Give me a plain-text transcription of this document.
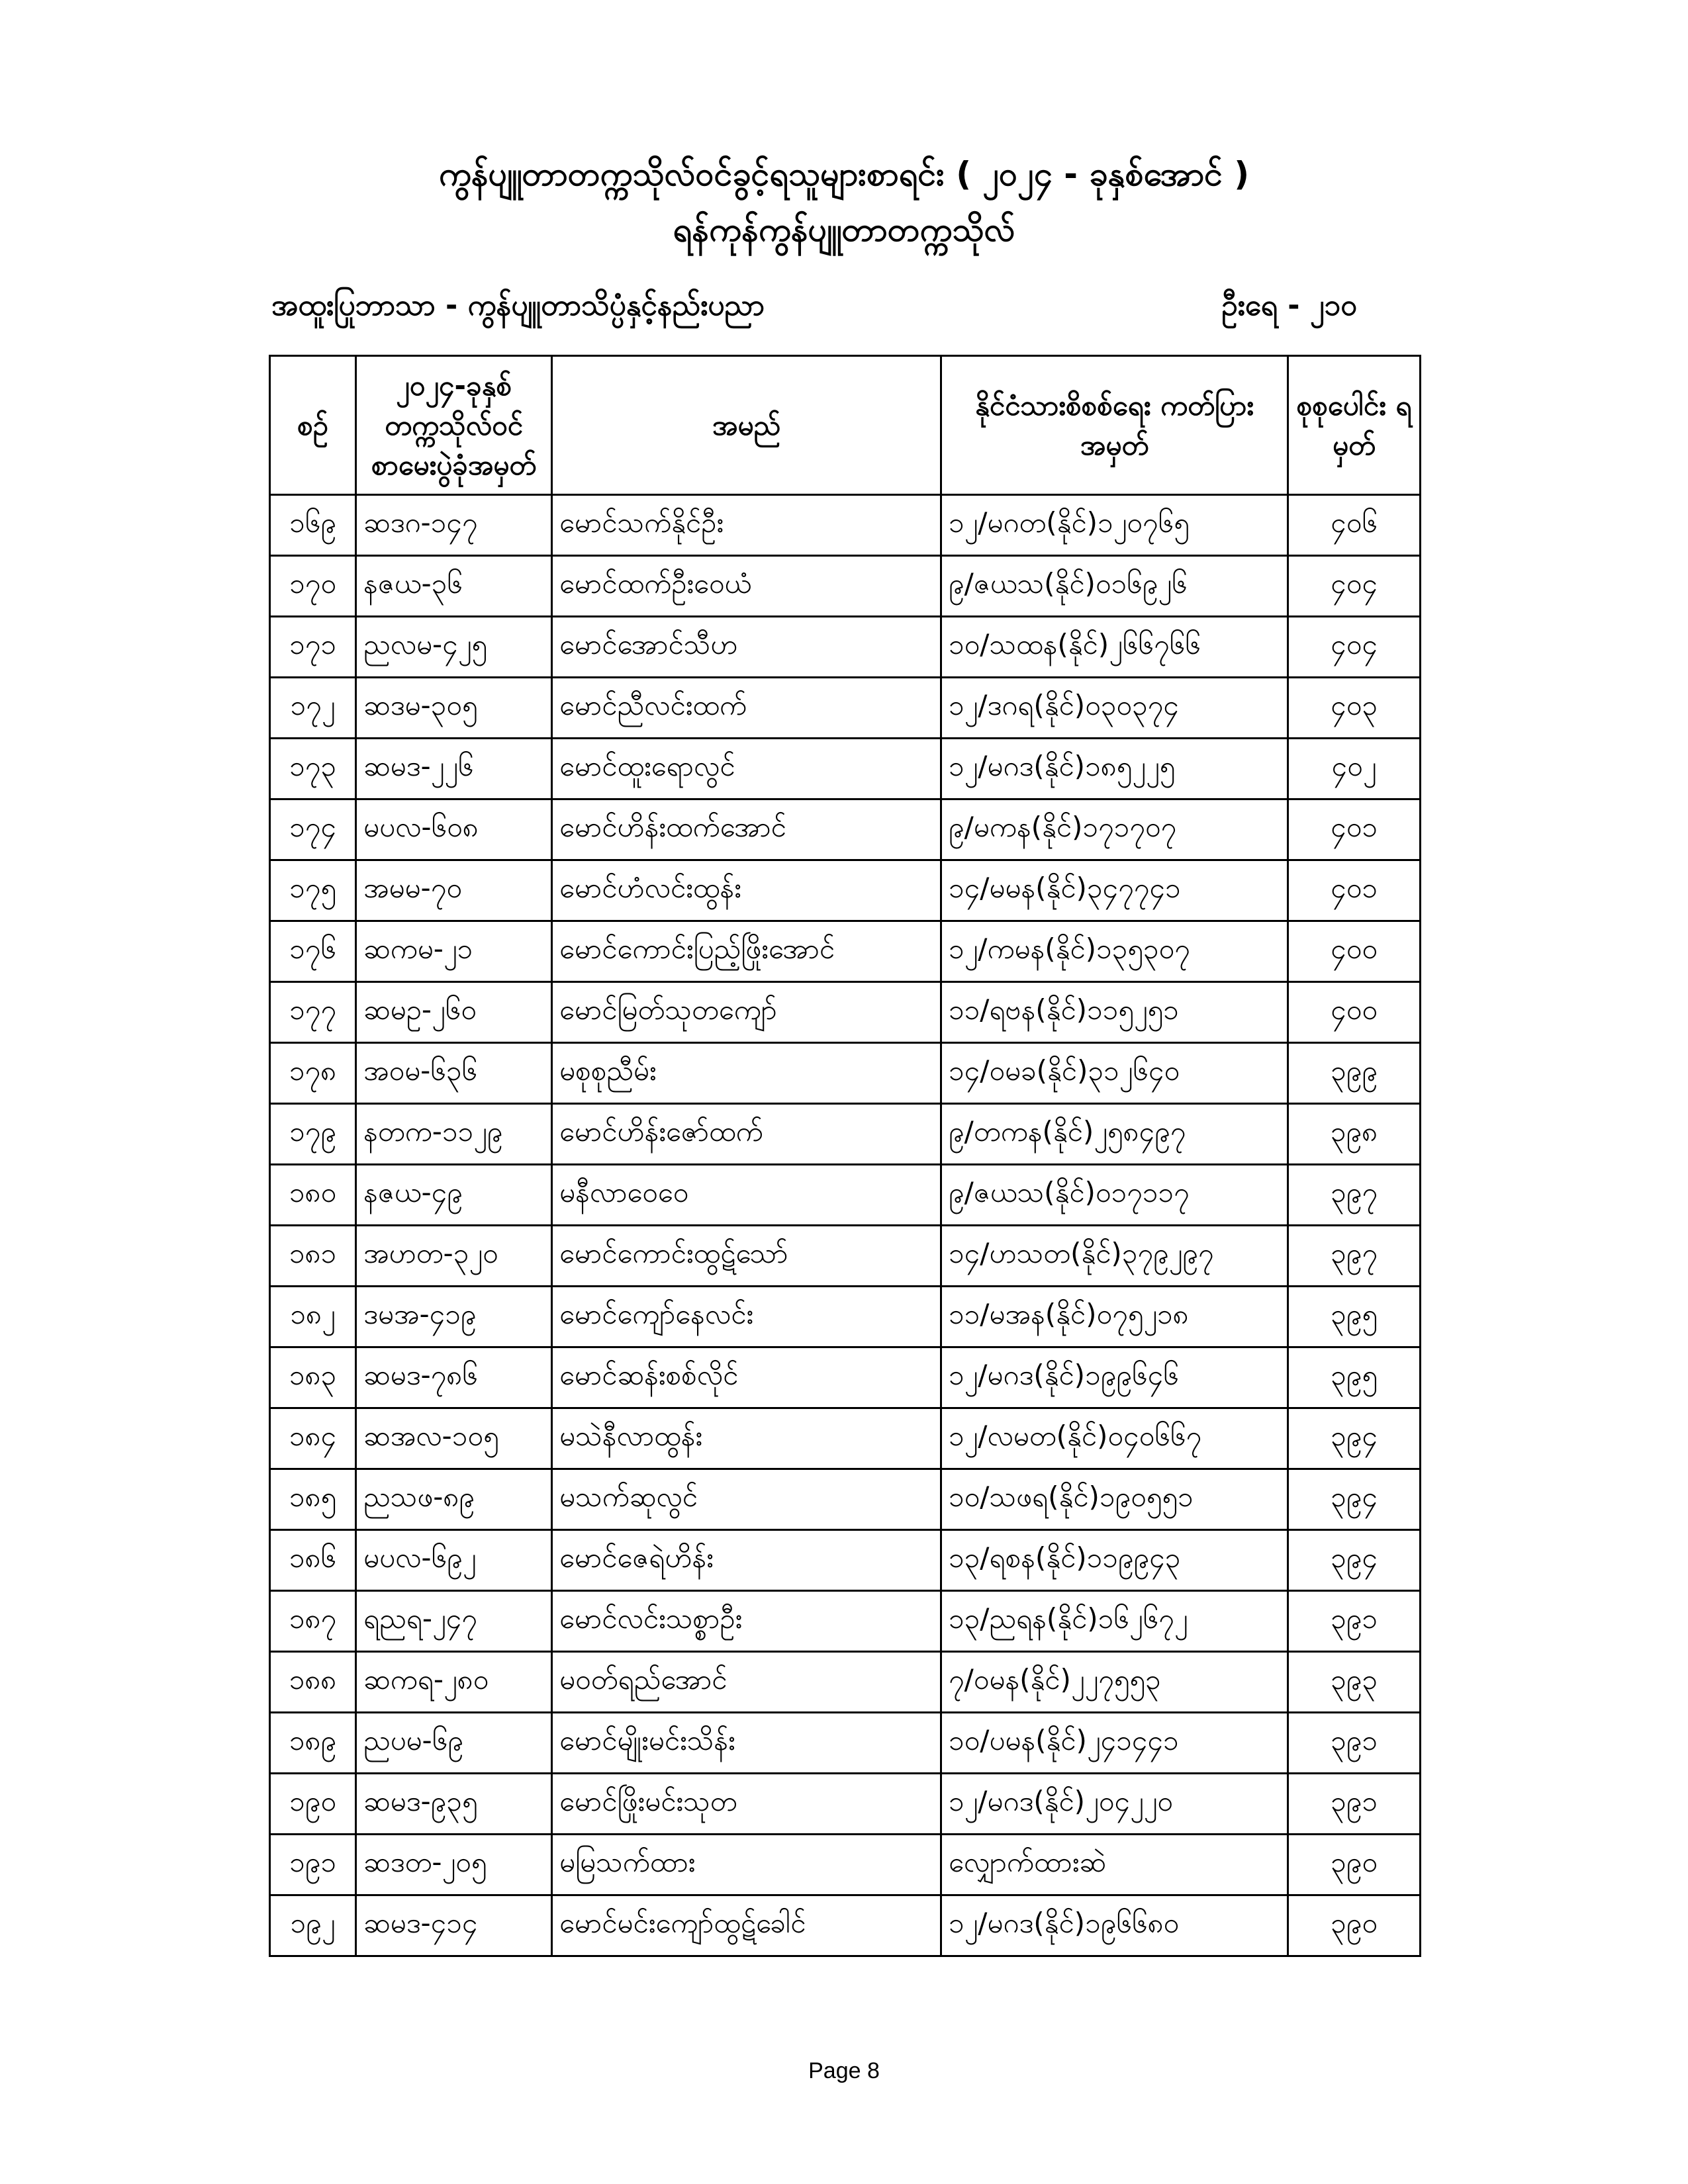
ကွန်ပျူတာတက္ကသိုလ်ဝင်ခွင့်ရသူများစာရင်း ( ၂၀၂၄ - ခုနှစ်အောင် )
ရန်ကုန်ကွန်ပျူတာတက္ကသိုလ်
အထူးပြုဘာသာ - ကွန်ပျူတာသိပ္ပံနှင့်နည်းပညာ	ဦးရေ - ၂၁၀
စဉ်	၂၀၂၄-ခုနှစ် တက္ကသိုလ်ဝင် စာမေးပွဲခုံအမှတ်	အမည်	နိုင်ငံသားစိစစ်ရေး ကတ်ပြားအမှတ်	စုစုပေါင်း ရမှတ်
၁၆၉	ဆဒဂ-၁၄၇	မောင်သက်နိုင်ဦး	၁၂/မဂတ(နိုင်)၁၂၀၇၆၅	၄၀၆
၁၇၀	နဇယ-၃၆	မောင်ထက်ဦးဝေယံ	၉/ဇယသ(နိုင်)၀၁၆၉၂၆	၄၀၄
၁၇၁	ညလမ-၄၂၅	မောင်အောင်သီဟ	၁၀/သထန(နိုင်)၂၆၆၇၆၆	၄၀၄
၁၇၂	ဆဒမ-၃၀၅	မောင်ညီလင်းထက်	၁၂/ဒဂရ(နိုင်)၀၃၀၃၇၄	၄၀၃
၁၇၃	ဆမဒ-၂၂၆	မောင်ထူးရောလွင်	၁၂/မဂဒ(နိုင်)၁၈၅၂၂၅	၄၀၂
၁၇၄	မပလ-၆၀၈	မောင်ဟိန်းထက်အောင်	၉/မကန(နိုင်)၁၇၁၇၀၇	၄၀၁
၁၇၅	အမမ-၇၀	မောင်ဟံလင်းထွန်း	၁၄/မမန(နိုင်)၃၄၇၇၄၁	၄၀၁
၁၇၆	ဆကမ-၂၁	မောင်ကောင်းပြည့်ဖြိုးအောင်	၁၂/ကမန(နိုင်)၁၃၅၃၀၇	၄၀၀
၁၇၇	ဆမဥ-၂၆၀	မောင်မြတ်သုတကျော်	၁၁/ရဗန(နိုင်)၁၁၅၂၅၁	၄၀၀
၁၇၈	အဝမ-၆၃၆	မစုစုညီမ်း	၁၄/ဝမခ(နိုင်)၃၁၂၆၄၀	၃၉၉
၁၇၉	နတက-၁၁၂၉	မောင်ဟိန်းဇော်ထက်	၉/တကန(နိုင်)၂၅၈၄၉၇	၃၉၈
၁၈၀	နဇယ-၄၉	မနီလာဝေဝေ	၉/ဇယသ(နိုင်)၀၁၇၁၁၇	၃၉၇
၁၈၁	အဟတ-၃၂၀	မောင်ကောင်းထွဋ်သော်	၁၄/ဟသတ(နိုင်)၃၇၉၂၉၇	၃၉၇
၁၈၂	ဒမအ-၄၁၉	မောင်ကျော်နေလင်း	၁၁/မအန(နိုင်)၀၇၅၂၁၈	၃၉၅
၁၈၃	ဆမဒ-၇၈၆	မောင်ဆန်းစစ်လိုင်	၁၂/မဂဒ(နိုင်)၁၉၉၆၄၆	၃၉၅
၁၈၄	ဆအလ-၁၀၅	မသဲနီလာထွန်း	၁၂/လမတ(နိုင်)၀၄၀၆၆၇	၃၉၄
၁၈၅	ညသဖ-၈၉	မသက်ဆုလွင်	၁၀/သဖရ(နိုင်)၁၉၀၅၅၁	၃၉၄
၁၈၆	မပလ-၆၉၂	မောင်ဇေရဲဟိန်း	၁၃/ရစန(နိုင်)၁၁၉၉၄၃	၃၉၄
၁၈၇	ရညရ-၂၄၇	မောင်လင်းသစ္စာဦး	၁၃/ညရန(နိုင်)၁၆၂၆၇၂	၃၉၁
၁၈၈	ဆကရ-၂၈၀	မဝတ်ရည်အောင်	၇/ဝမန(နိုင်)၂၂၇၅၅၃	၃၉၃
၁၈၉	ညပမ-၆၉	မောင်မျိုးမင်းသိန်း	၁၀/ပမန(နိုင်)၂၄၁၄၄၁	၃၉၁
၁၉၀	ဆမဒ-၉၃၅	မောင်ဖြိုးမင်းသုတ	၁၂/မဂဒ(နိုင်)၂၀၄၂၂၀	၃၉၁
၁၉၁	ဆဒတ-၂၀၅	မမြသက်ထား	လျှောက်ထားဆဲ	၃၉၀
၁၉၂	ဆမဒ-၄၁၄	မောင်မင်းကျော်ထွဋ်ခေါင်	၁၂/မဂဒ(နိုင်)၁၉၆၆၈၀	၃၉၀
Page 8
